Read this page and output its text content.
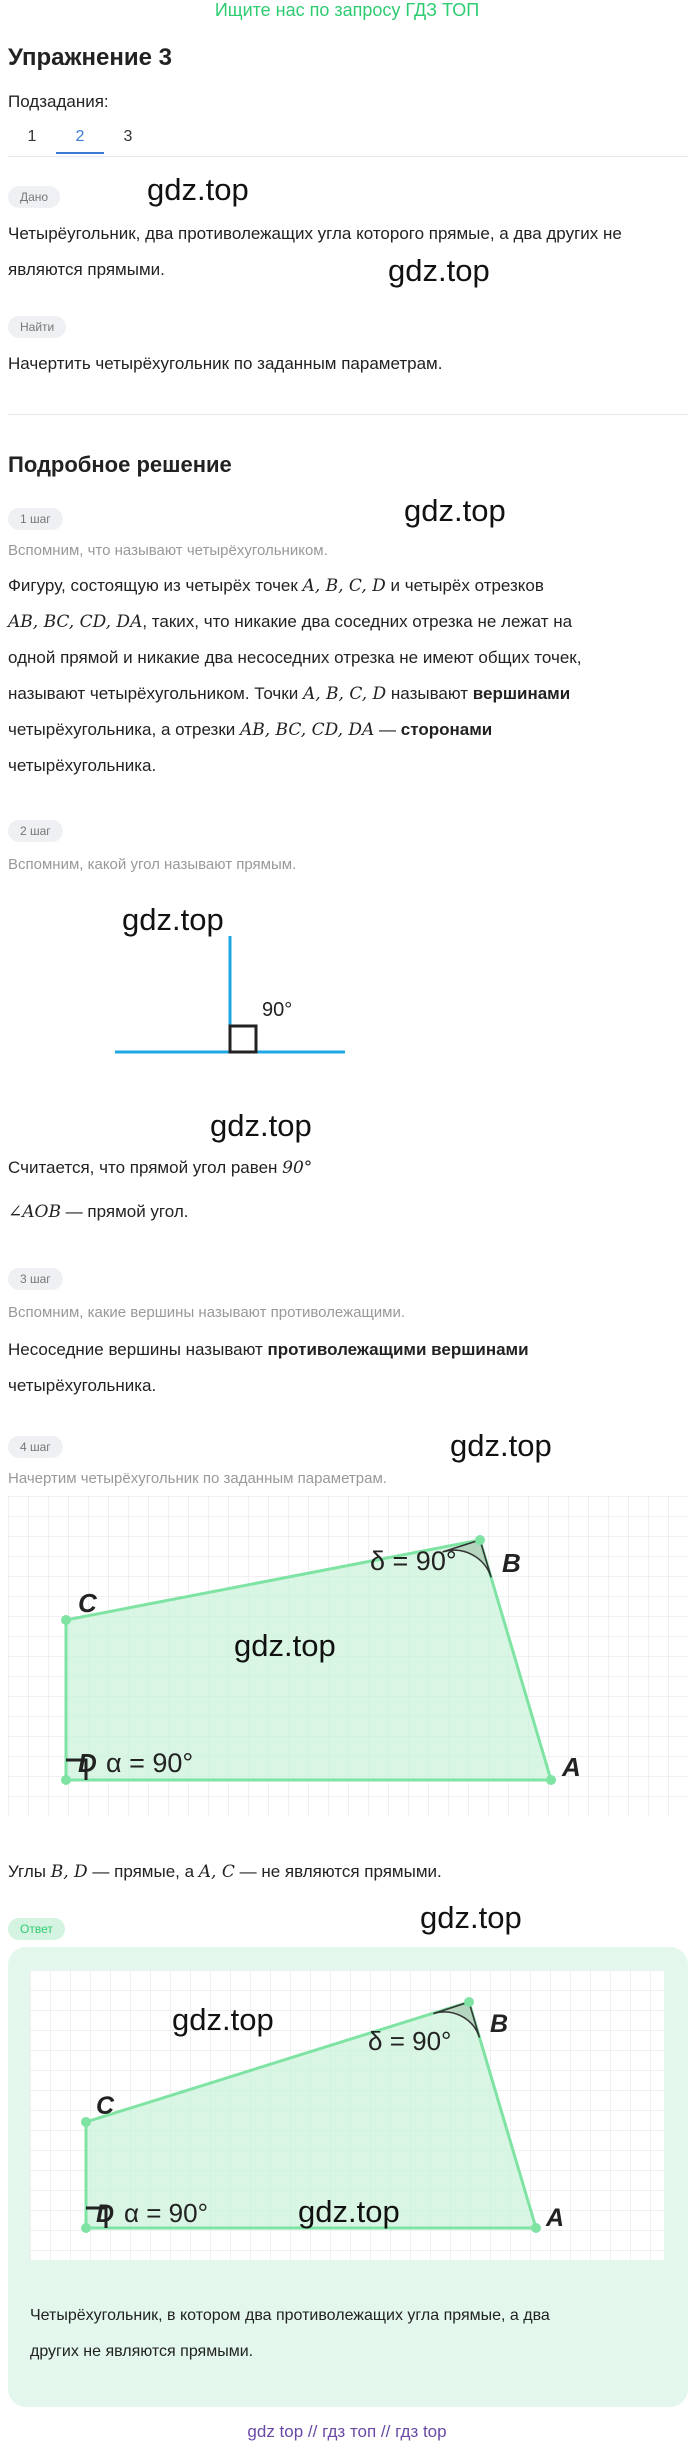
Ищите нас по запросу ГДЗ ТОП
Упражнение 3
Подзадания:
1	2	3
Дано	gdz.top
Четырёугольник, два противолежащих угла которого прямые, а два других не
являются прямыми.	gdz.top
Найти
Начертить четырёхугольник по заданным параметрам.
Подробное решение
1 шаг	gdz.top
Вспомним, что называют четырёхугольником.
Фигуру, состоящую из четырёх точек A, B, C, D и четырёх отрезков
AB, BC, CD, DA, таких, что никакие два соседних отрезка не лежат на
одной прямой и никакие два несоседних отрезка не имеют общих точек,
называют четырёхугольником. Точки A, B, C, D называют вершинами
четырёхугольника, а отрезки AB, BC, CD, DA — сторонами
четырёхугольника.
2 шаг
Вспомним, какой угол называют прямым.
gdz.top
90°
gdz.top
Считается, что прямой угол равен 90°
∠AOB — прямой угол.
3 шаг
Вспомним, какие вершины называют противолежащими.
Несоседние вершины называют противолежащими вершинами
четырёхугольника.
4 шаг	gdz.top
Начертим четырёхугольник по заданным параметрам.
B
A
C
D
δ = 90°
α = 90°
gdz.top
Углы B, D — прямые, а A, C — не являются прямыми.
Ответ	gdz.top
B
A
C
D
δ = 90°
α = 90°
gdz.top
gdz.top
Четырёхугольник, в котором два противолежащих угла прямые, а два
других не являются прямыми.
gdz top // гдз топ // гдз top
